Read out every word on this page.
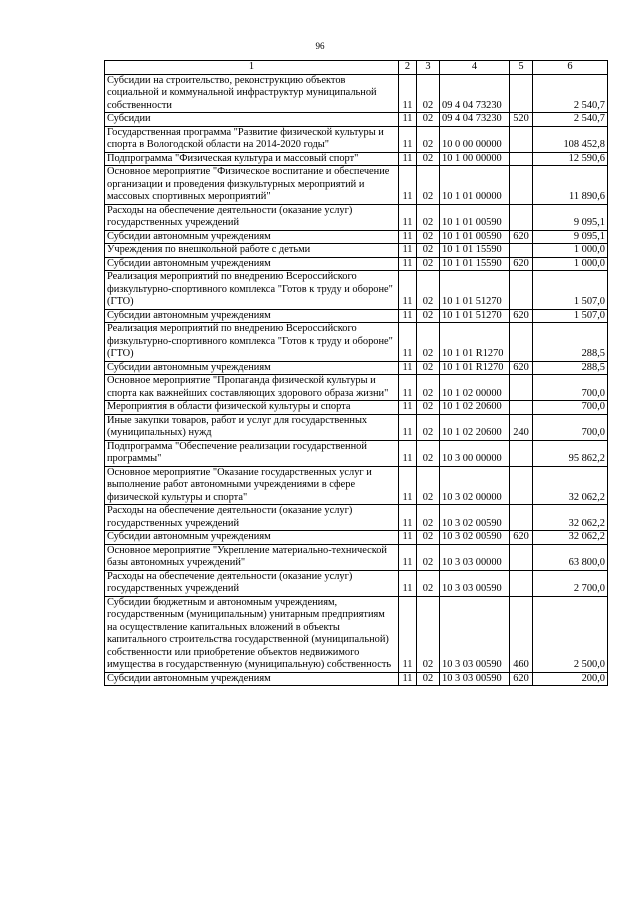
96
1	2	3	4	5	6
Субсидии на строительство, реконструкцию объектов социальной и коммунальной инфраструктур муниципальной собственности	11	02	09 4 04 73230		2 540,7
Субсидии	11	02	09 4 04 73230	520	2 540,7
Государственная программа "Развитие физической культуры и спорта в Вологодской области на 2014-2020 годы"	11	02	10 0 00 00000		108 452,8
Подпрограмма "Физическая культура и массовый спорт"	11	02	10 1 00 00000		12 590,6
Основное мероприятие "Физическое воспитание и обеспечение организации и проведения физкультурных мероприятий и массовых спортивных мероприятий"	11	02	10 1 01 00000		11 890,6
Расходы на обеспечение деятельности (оказание услуг) государственных учреждений	11	02	10 1 01 00590		9 095,1
Субсидии автономным учреждениям	11	02	10 1 01 00590	620	9 095,1
Учреждения по внешкольной работе с детьми	11	02	10 1 01 15590		1 000,0
Субсидии автономным учреждениям	11	02	10 1 01 15590	620	1 000,0
Реализация мероприятий по внедрению Всероссийского физкультурно-спортивного комплекса "Готов к труду и обороне" (ГТО)	11	02	10 1 01 51270		1 507,0
Субсидии автономным учреждениям	11	02	10 1 01 51270	620	1 507,0
Реализация мероприятий по внедрению Всероссийского физкультурно-спортивного комплекса "Готов к труду и обороне" (ГТО)	11	02	10 1 01 R1270		288,5
Субсидии автономным учреждениям	11	02	10 1 01 R1270	620	288,5
Основное мероприятие "Пропаганда физической культуры и спорта как важнейших составляющих здорового образа жизни"	11	02	10 1 02 00000		700,0
Мероприятия в области физической культуры и спорта	11	02	10 1 02 20600		700,0
Иные закупки товаров, работ и услуг для государственных (муниципальных) нужд	11	02	10 1 02 20600	240	700,0
Подпрограмма "Обеспечение реализации государственной программы"	11	02	10 3 00 00000		95 862,2
Основное мероприятие "Оказание государственных услуг и выполнение работ автономными учреждениями в сфере физической культуры и спорта"	11	02	10 3 02 00000		32 062,2
Расходы на обеспечение деятельности (оказание услуг) государственных учреждений	11	02	10 3 02 00590		32 062,2
Субсидии автономным учреждениям	11	02	10 3 02 00590	620	32 062,2
Основное мероприятие "Укрепление материально-технической базы автономных учреждений"	11	02	10 3 03 00000		63 800,0
Расходы на обеспечение деятельности (оказание услуг) государственных учреждений	11	02	10 3 03 00590		2 700,0
Субсидии бюджетным и автономным учреждениям, государственным (муниципальным) унитарным предприятиям на осуществление капитальных вложений в объекты капитального строительства государственной (муниципальной) собственности или приобретение объектов недвижимого имущества в государственную (муниципальную) собственность	11	02	10 3 03 00590	460	2 500,0
Субсидии автономным учреждениям	11	02	10 3 03 00590	620	200,0
